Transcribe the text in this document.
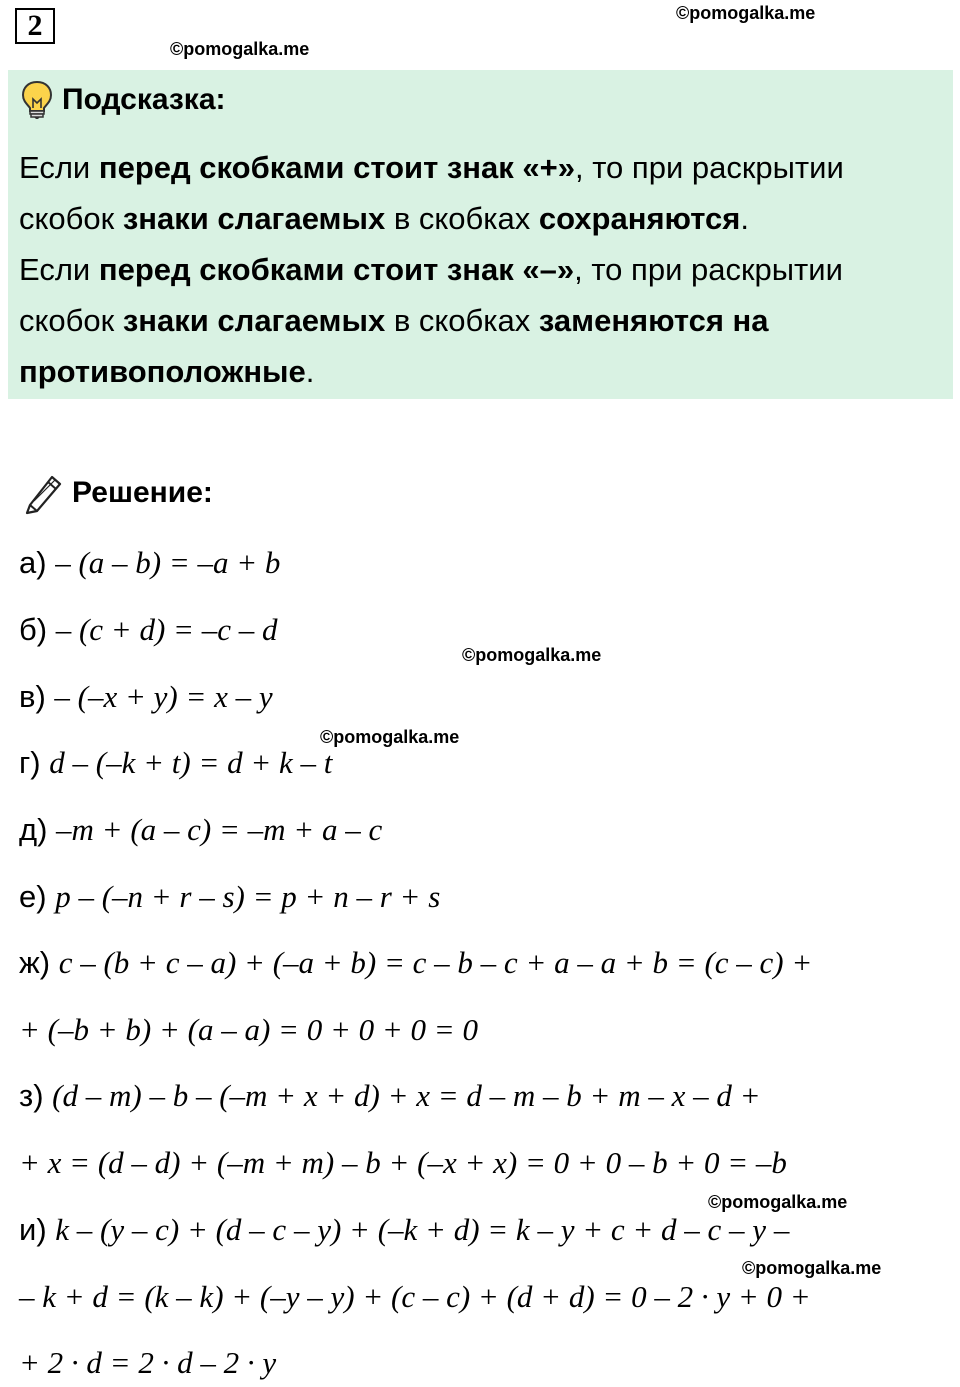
2	©pomogalka.me
©pomogalka.me
©pomogalka.me
©pomogalka.me
©pomogalka.me
©pomogalka.me
Подсказка:
Если перед скобками стоит знак «+», то при раскрытии
скобок знаки слагаемых в скобках сохраняются.
Если перед скобками стоит знак «–», то при раскрытии
скобок знаки слагаемых в скобках заменяются на
противоположные.
Решение:
а) – (a – b) = –a + b
б) – (c + d) = –c – d
в) – (–x + y) = x – y
г) d – (–k + t) = d + k – t
д) –m + (a – c) = –m + a – c
е) p – (–n + r – s) = p + n – r + s
ж) c – (b + c – a) + (–a + b) = c – b – c + a – a + b = (c – c) +
+ (–b + b) + (a – a) = 0 + 0 + 0 = 0
з) (d – m) – b – (–m + x + d) + x = d – m – b + m – x – d +
+ x = (d – d) + (–m + m) – b + (–x + x) = 0 + 0 – b + 0 = –b
и) k – (y – c) + (d – c – y) + (–k + d) = k – y + c + d – c – y –
– k + d = (k – k) + (–y – y) + (c – c) + (d + d) = 0 – 2 · y + 0 +
+ 2 · d = 2 · d – 2 · y
